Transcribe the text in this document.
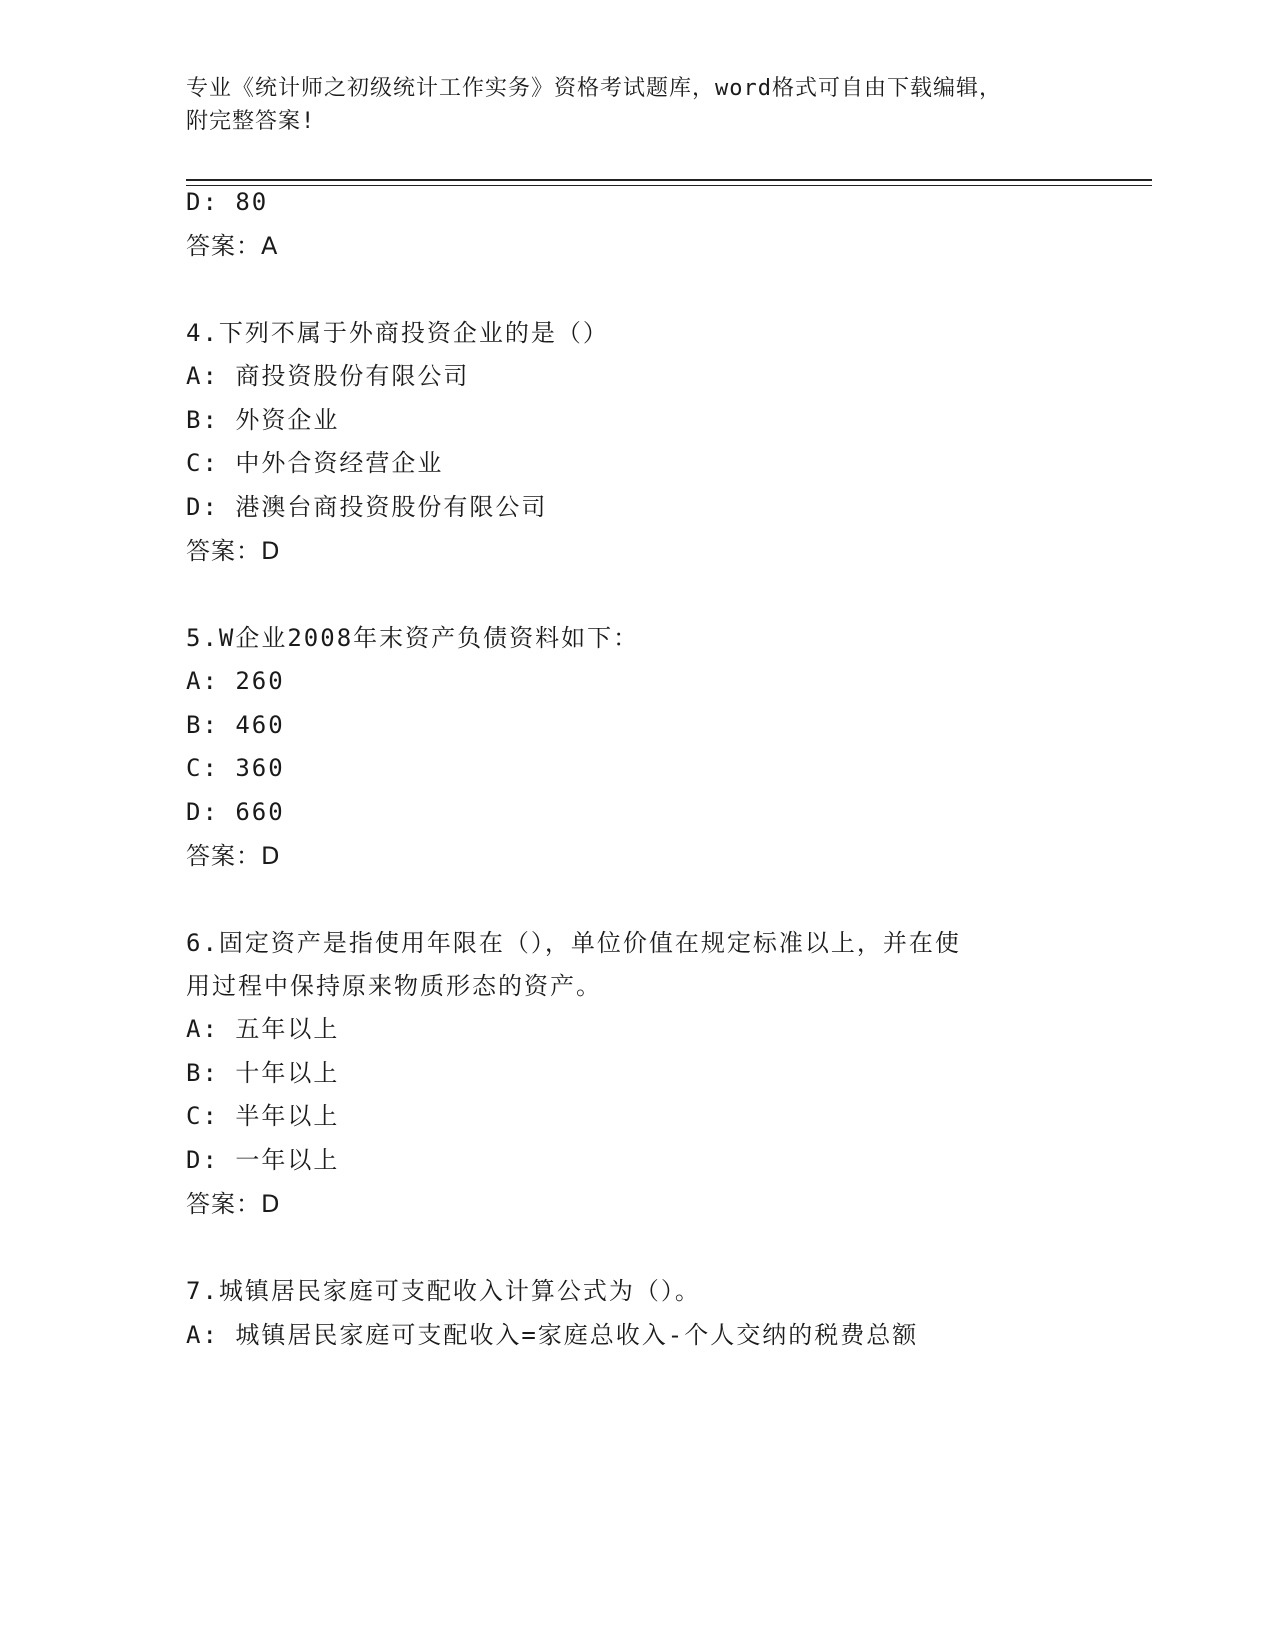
专业《统计师之初级统计工作实务》资格考试题库，word格式可自由下载编辑，
附完整答案!
D: 80
答案：A
4.下列不属于外商投资企业的是（）
A: 商投资股份有限公司
B: 外资企业
C: 中外合资经营企业
D: 港澳台商投资股份有限公司
答案：D
5.W企业2008年末资产负债资料如下：
A: 260
B: 460
C: 360
D: 660
答案：D
6.固定资产是指使用年限在（），单位价值在规定标准以上，并在使
用过程中保持原来物质形态的资产。
A: 五年以上
B: 十年以上
C: 半年以上
D: 一年以上
答案：D
7.城镇居民家庭可支配收入计算公式为（）。
A: 城镇居民家庭可支配收入=家庭总收入-个人交纳的税费总额
